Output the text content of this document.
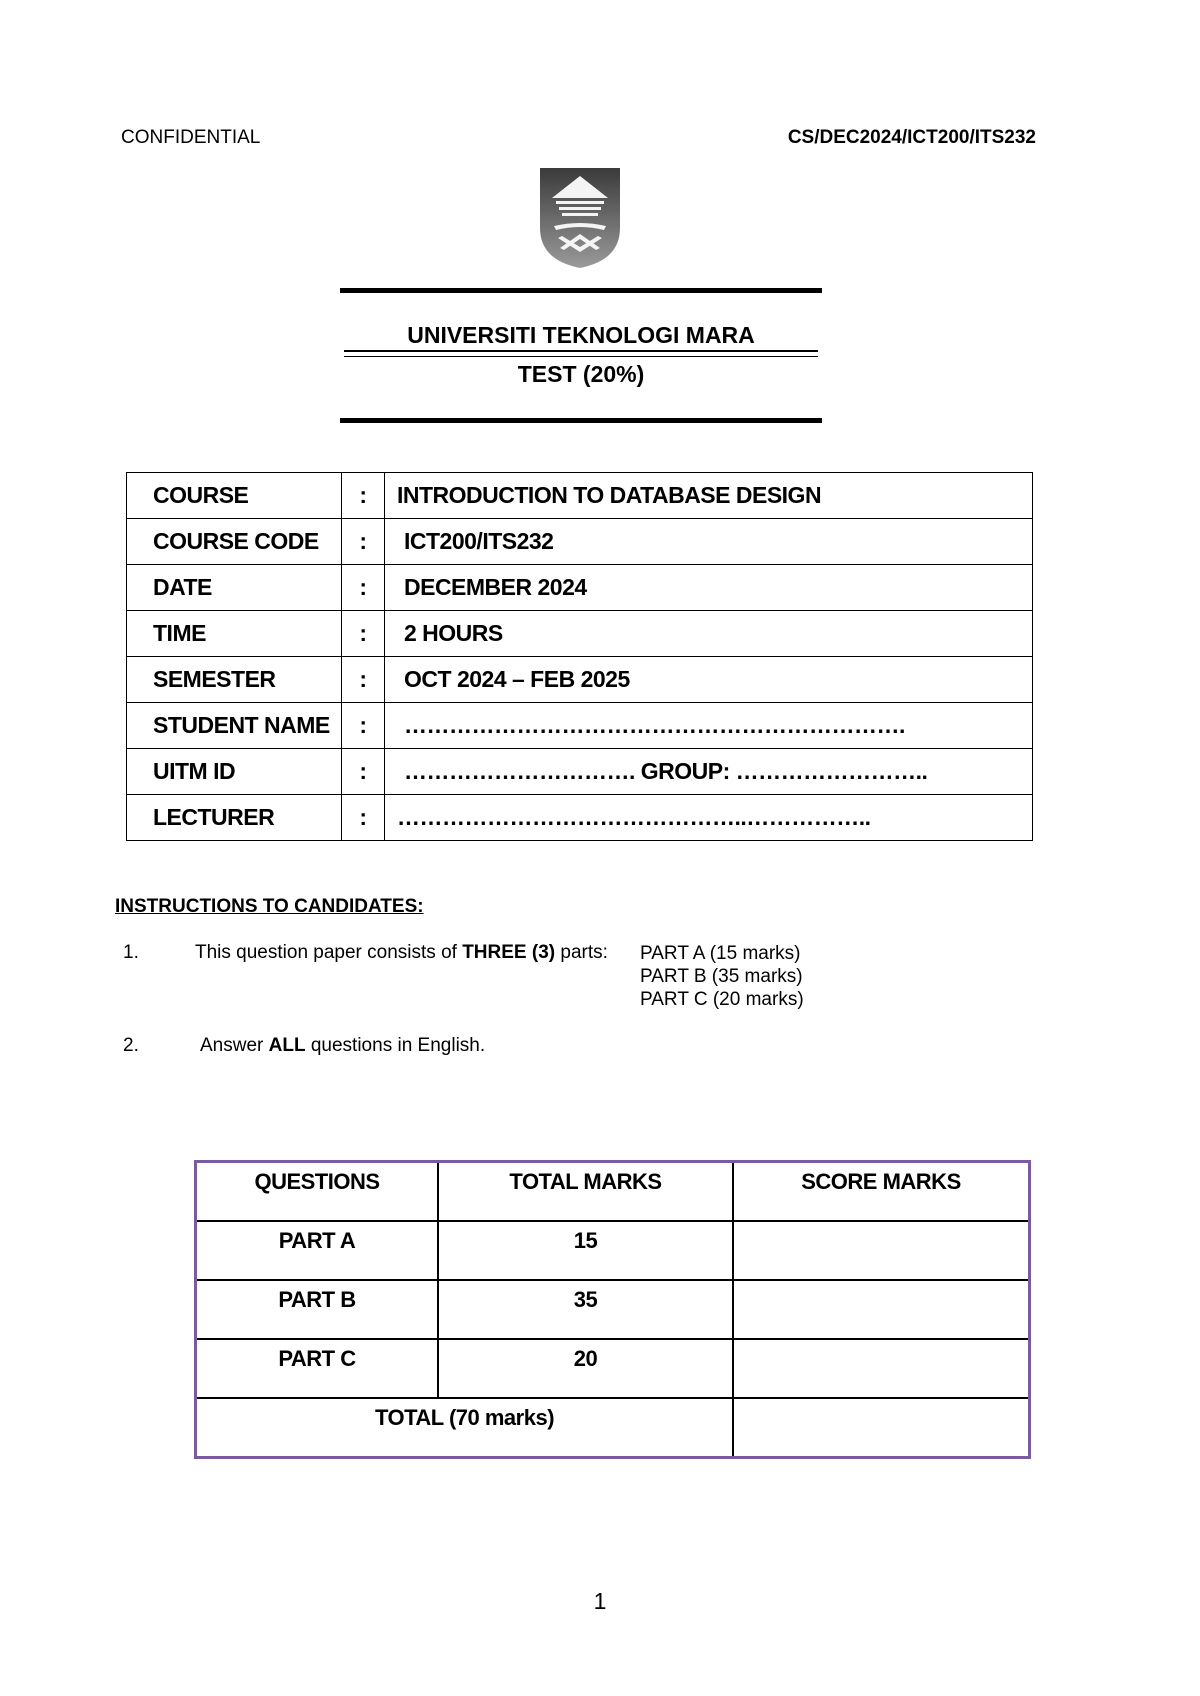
CONFIDENTIAL	CS/DEC2024/ICT200/ITS232
UNIVERSITI TEKNOLOGI MARA
TEST (20%)
COURSE	:	INTRODUCTION TO DATABASE DESIGN
COURSE CODE	:	ICT200/ITS232
DATE	:	DECEMBER 2024
TIME	:	2 HOURS
SEMESTER	:	OCT 2024 – FEB 2025
STUDENT NAME	:	………………………………………………………….
UITM ID	:	…………………………. GROUP: ……………………..
LECTURER	:	………………………………………..……………..
INSTRUCTIONS TO CANDIDATES:
1.	This question paper consists of THREE (3) parts: PART A (15 marks)
PART B (35 marks)
PART C (20 marks)
2.	Answer ALL questions in English.
QUESTIONS	TOTAL MARKS	SCORE MARKS
PART A	15	
PART B	35	
PART C	20	
TOTAL (70 marks)		
1
